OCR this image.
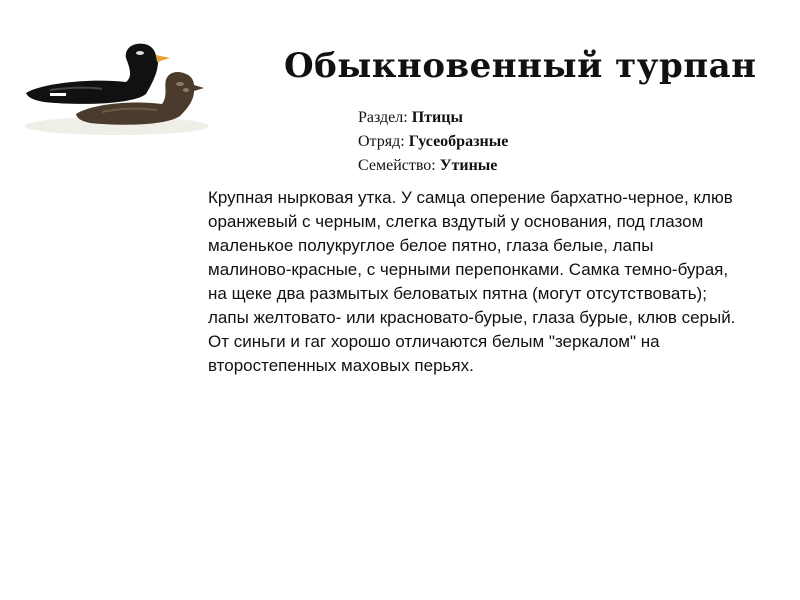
Обыкновенный турпан
Раздел: Птицы
Отряд: Гусеобразные
Семейство: Утиные

Крупная нырковая утка. У самца оперение бархатно-черное, клюв оранжевый с черным, слегка вздутый у основания, под глазом маленькое полукруглое белое пятно, глаза белые, лапы малиново-красные, с черными перепонками. Самка темно-бурая, на щеке два размытых беловатых пятна (могут отсутствовать); лапы желтовато- или красновато-бурые, глаза бурые, клюв серый. От синьги и гаг хорошо отличаются белым "зеркалом" на второстепенных маховых перьях.
